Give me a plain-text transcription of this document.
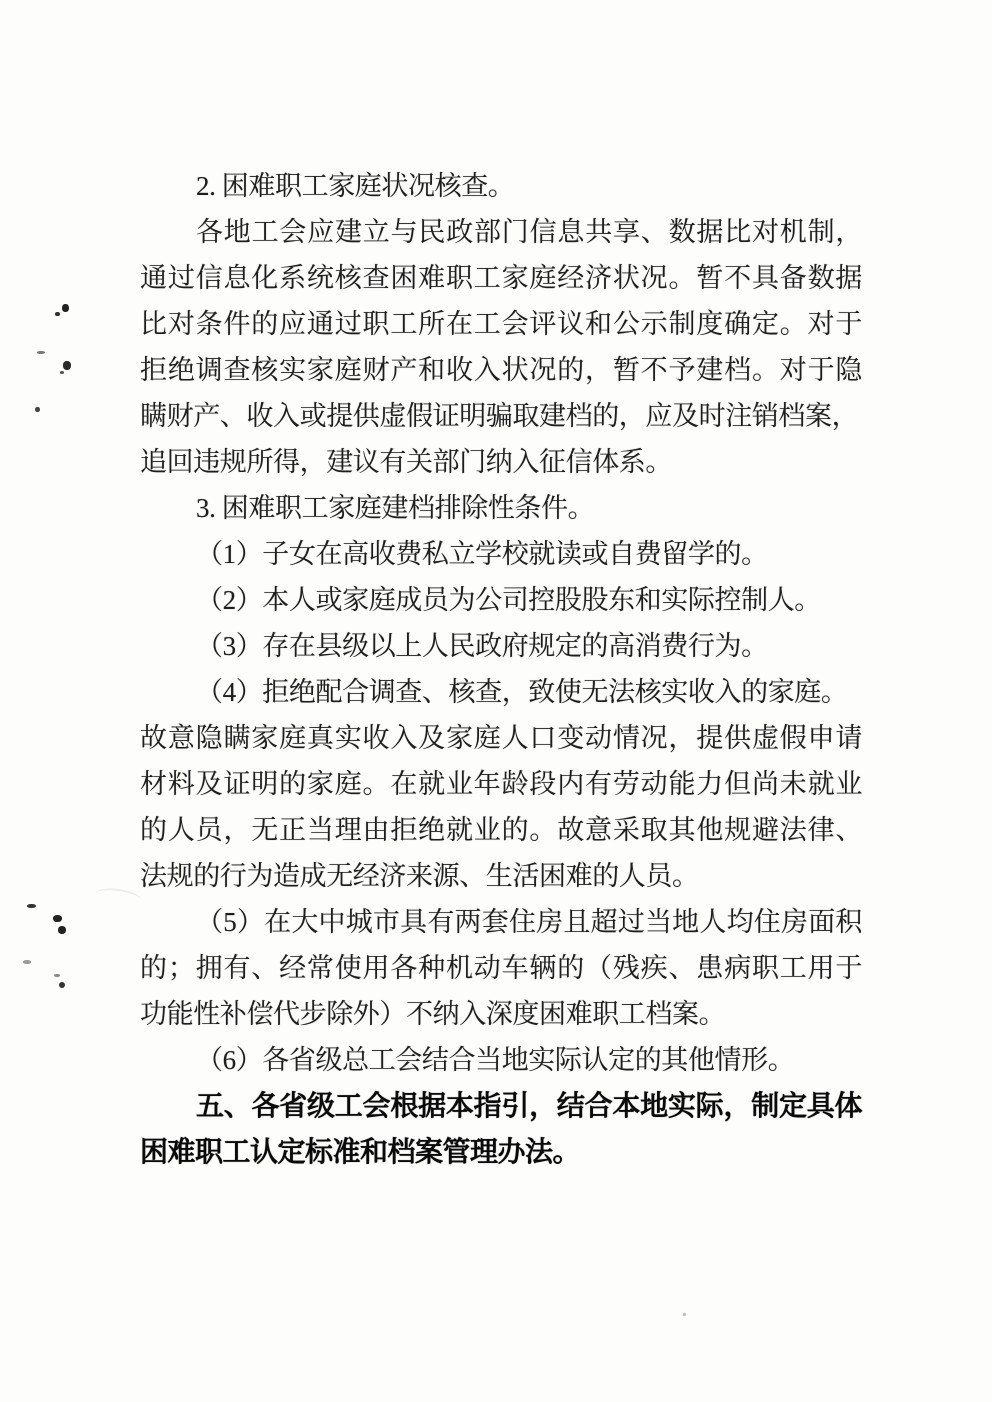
2. 困难职工家庭状况核查。
各地工会应建立与民政部门信息共享、数据比对机制，
通过信息化系统核查困难职工家庭经济状况。暂不具备数据
比对条件的应通过职工所在工会评议和公示制度确定。对于
拒绝调查核实家庭财产和收入状况的，暂不予建档。对于隐
瞒财产、收入或提供虚假证明骗取建档的，应及时注销档案，
追回违规所得，建议有关部门纳入征信体系。
3. 困难职工家庭建档排除性条件。
（1）子女在高收费私立学校就读或自费留学的。
（2）本人或家庭成员为公司控股股东和实际控制人。
（3）存在县级以上人民政府规定的高消费行为。
（4）拒绝配合调查、核查，致使无法核实收入的家庭。
故意隐瞒家庭真实收入及家庭人口变动情况，提供虚假申请
材料及证明的家庭。在就业年龄段内有劳动能力但尚未就业
的人员，无正当理由拒绝就业的。故意采取其他规避法律、
法规的行为造成无经济来源、生活困难的人员。
（5）在大中城市具有两套住房且超过当地人均住房面积
的；拥有、经常使用各种机动车辆的（残疾、患病职工用于
功能性补偿代步除外）不纳入深度困难职工档案。
（6）各省级总工会结合当地实际认定的其他情形。
五、各省级工会根据本指引，结合本地实际，制定具体
困难职工认定标准和档案管理办法。
